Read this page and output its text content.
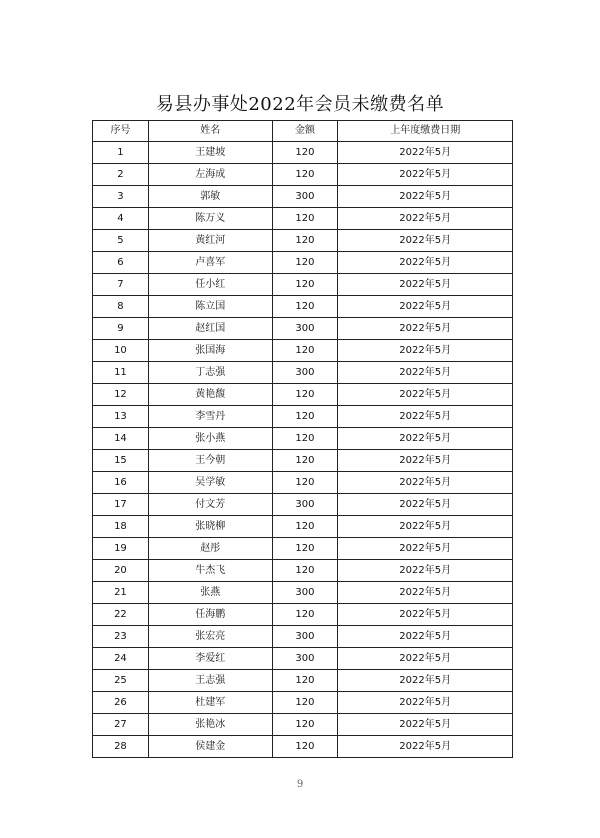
易县办事处2022年会员未缴费名单
序号	姓名	金额	上年度缴费日期
1	王建坡	120	2022年5月
2	左海成	120	2022年5月
3	郭敏	300	2022年5月
4	陈万义	120	2022年5月
5	黄红河	120	2022年5月
6	卢喜军	120	2022年5月
7	任小红	120	2022年5月
8	陈立国	120	2022年5月
9	赵红国	300	2022年5月
10	张国海	120	2022年5月
11	丁志强	300	2022年5月
12	黄艳馥	120	2022年5月
13	李雪丹	120	2022年5月
14	张小燕	120	2022年5月
15	王今朝	120	2022年5月
16	吴学敏	120	2022年5月
17	付文芳	300	2022年5月
18	张晓柳	120	2022年5月
19	赵彤	120	2022年5月
20	牛杰飞	120	2022年5月
21	张燕	300	2022年5月
22	任海鹏	120	2022年5月
23	张宏亮	300	2022年5月
24	李爱红	300	2022年5月
25	王志强	120	2022年5月
26	杜建军	120	2022年5月
27	张艳冰	120	2022年5月
28	侯建金	120	2022年5月
9
